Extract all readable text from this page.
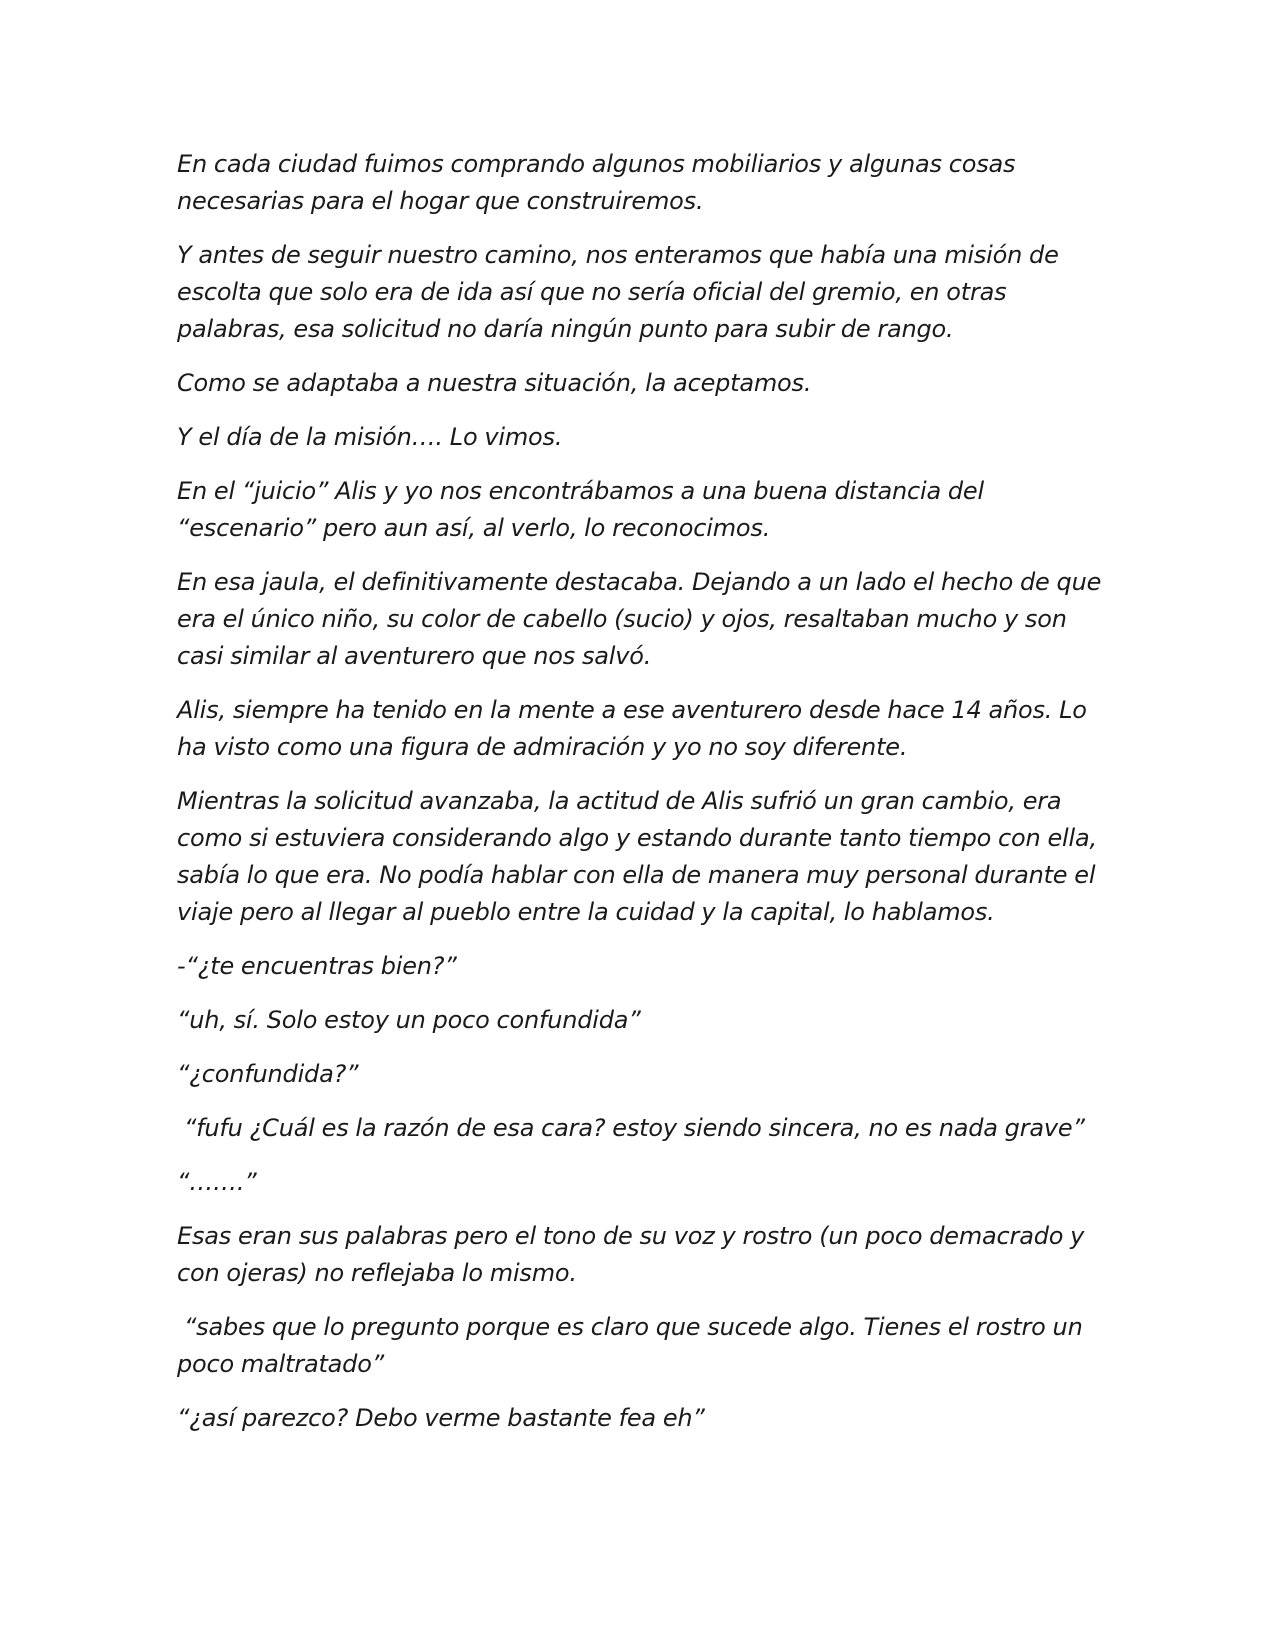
En cada ciudad fuimos comprando algunos mobiliarios y algunas cosas necesarias para el hogar que construiremos.

Y antes de seguir nuestro camino, nos enteramos que había una misión de escolta que solo era de ida así que no sería oficial del gremio, en otras palabras, esa solicitud no daría ningún punto para subir de rango.

Como se adaptaba a nuestra situación, la aceptamos.

Y el día de la misión…. Lo vimos.

En el “juicio” Alis y yo nos encontrábamos a una buena distancia del “escenario” pero aun así, al verlo, lo reconocimos.

En esa jaula, el definitivamente destacaba. Dejando a un lado el hecho de que era el único niño, su color de cabello (sucio) y ojos, resaltaban mucho y son casi similar al aventurero que nos salvó.

Alis, siempre ha tenido en la mente a ese aventurero desde hace 14 años. Lo ha visto como una figura de admiración y yo no soy diferente.

Mientras la solicitud avanzaba, la actitud de Alis sufrió un gran cambio, era como si estuviera considerando algo y estando durante tanto tiempo con ella, sabía lo que era. No podía hablar con ella de manera muy personal durante el viaje pero al llegar al pueblo entre la cuidad y la capital, lo hablamos.

-“¿te encuentras bien?”

“uh, sí. Solo estoy un poco confundida”

“¿confundida?”

“fufu ¿Cuál es la razón de esa cara? estoy siendo sincera, no es nada grave”

“…….”

Esas eran sus palabras pero el tono de su voz y rostro (un poco demacrado y con ojeras) no reflejaba lo mismo.

“sabes que lo pregunto porque es claro que sucede algo. Tienes el rostro un poco maltratado”

“¿así parezco? Debo verme bastante fea eh”
